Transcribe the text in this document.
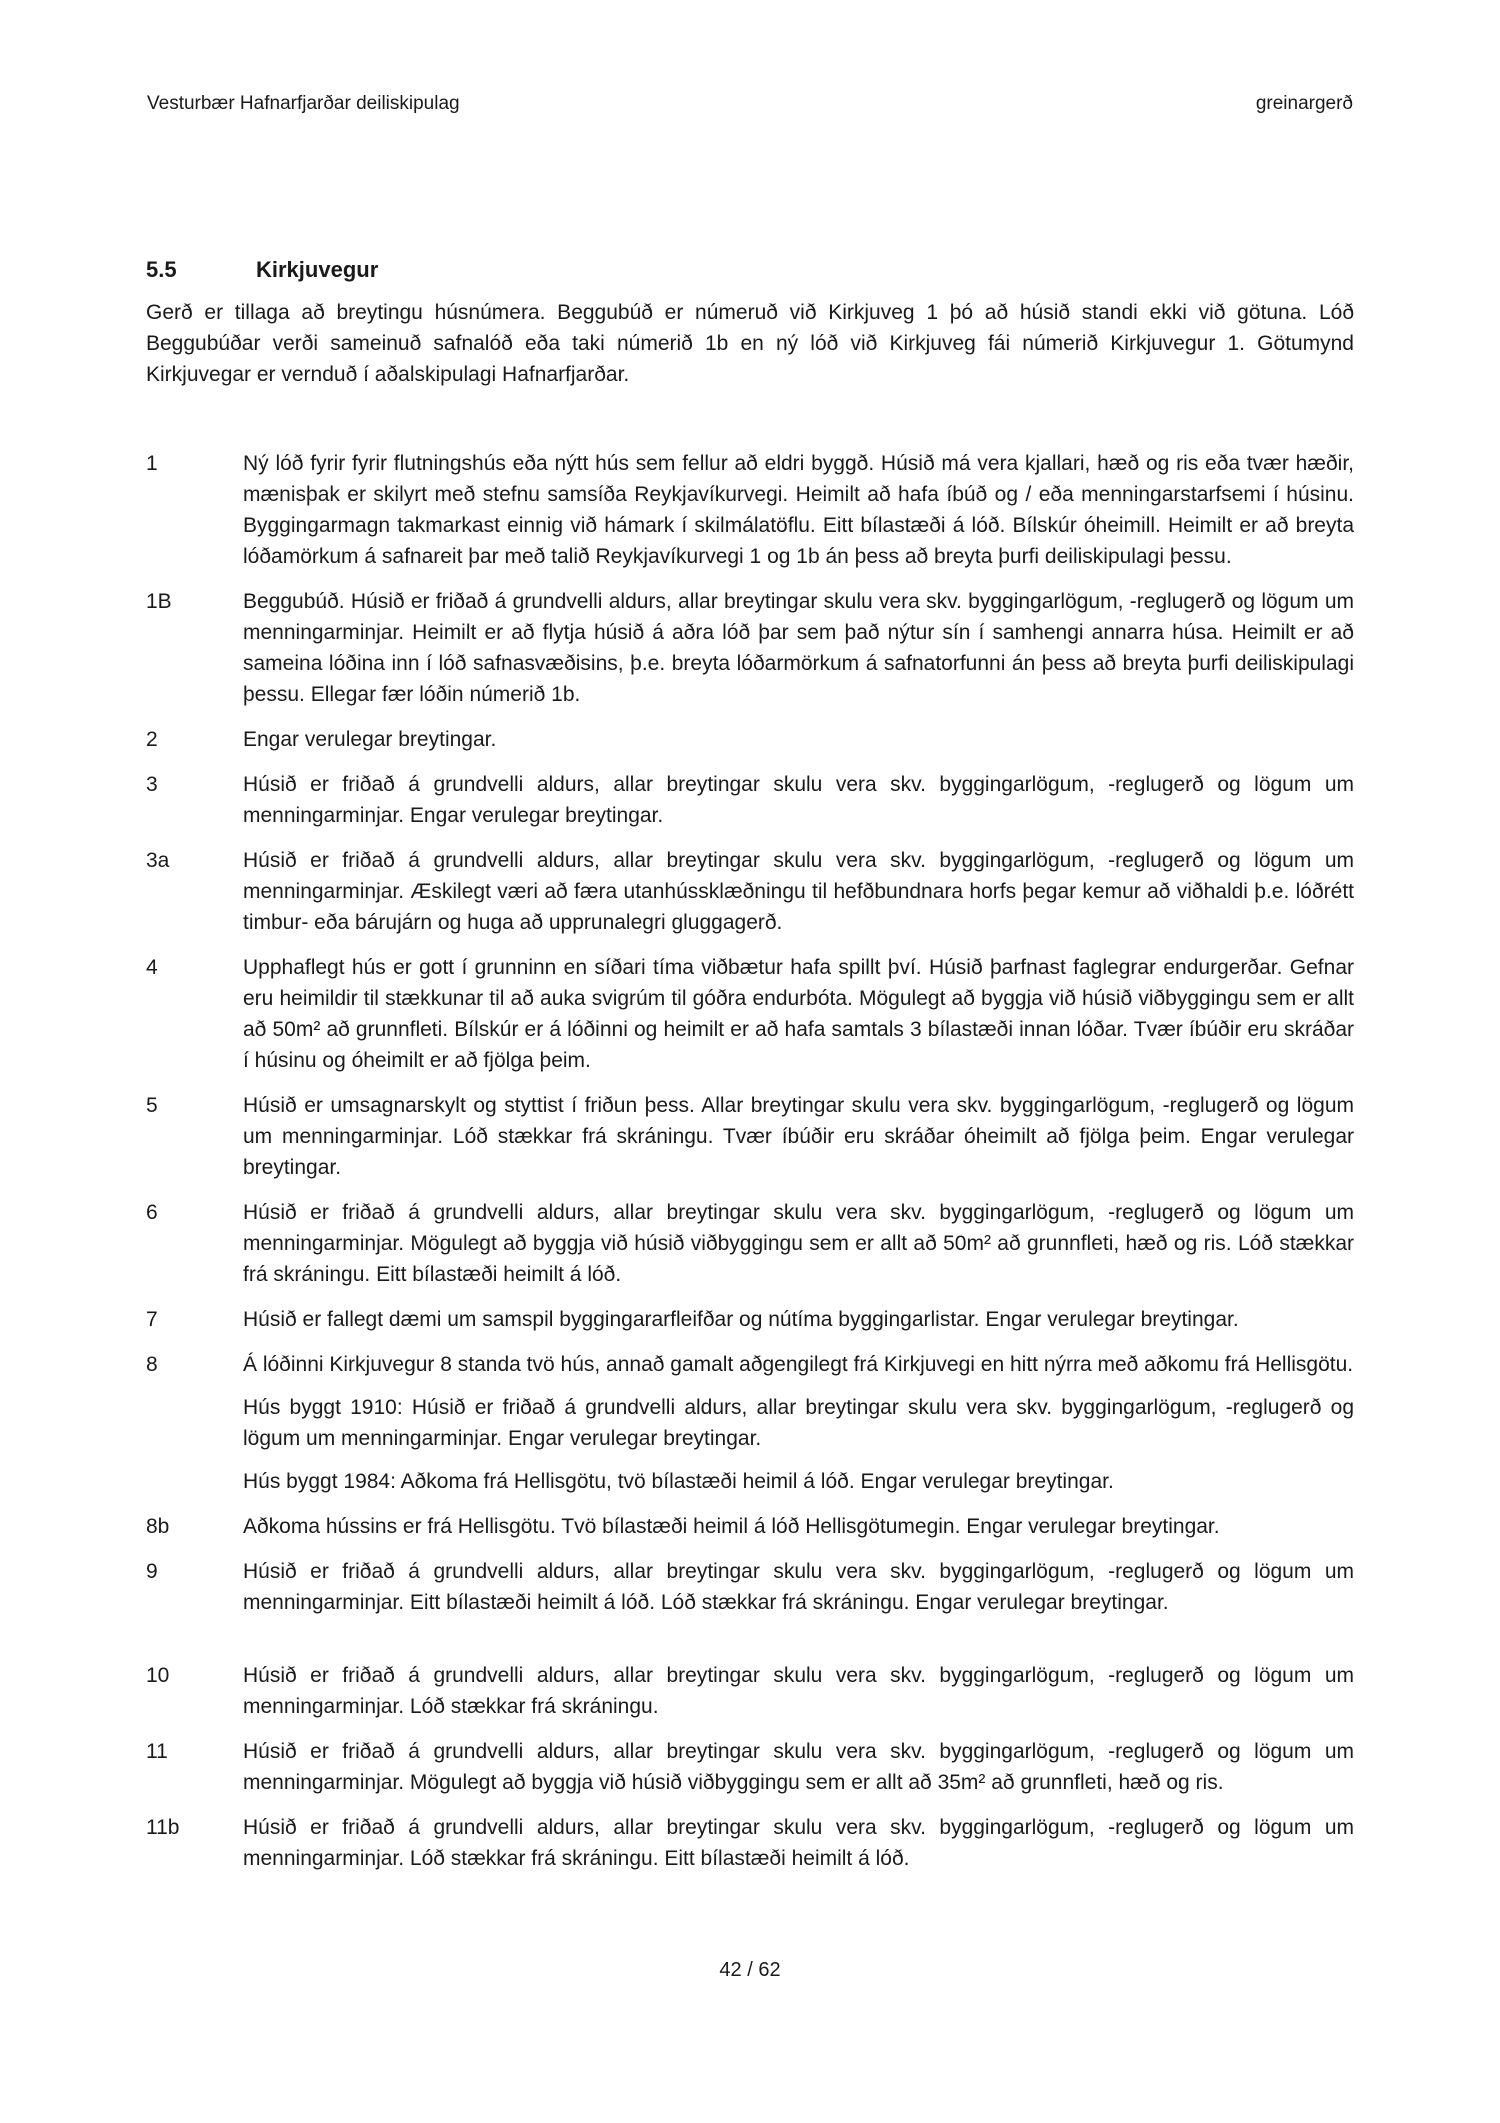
Vesturbær Hafnarfjarðar deiliskipulag	greinargerð
5.5	Kirkjuvegur

Gerð er tillaga að breytingu húsnúmera. Beggubúð er númeruð við Kirkjuveg 1 þó að húsið standi ekki við götuna. Lóð Beggubúðar verði sameinuð safnalóð eða taki númerið 1b en ný lóð við Kirkjuveg fái númerið Kirkjuvegur 1. Götumynd Kirkjuvegar er vernduð í aðalskipulagi Hafnarfjarðar.

1	Ný lóð fyrir fyrir flutningshús eða nýtt hús sem fellur að eldri byggð. Húsið má vera kjallari, hæð og ris eða tvær hæðir, mænisþak er skilyrt með stefnu samsíða Reykjavíkurvegi. Heimilt að hafa íbúð og / eða menningarstarfsemi í húsinu. Byggingarmagn takmarkast einnig við hámark í skilmálatöflu. Eitt bílastæði á lóð. Bílskúr óheimill. Heimilt er að breyta lóðamörkum á safnareit þar með talið Reykjavíkurvegi 1 og 1b án þess að breyta þurfi deiliskipulagi þessu.

1B	Beggubúð. Húsið er friðað á grundvelli aldurs, allar breytingar skulu vera skv. byggingarlögum, -reglugerð og lögum um menningarminjar. Heimilt er að flytja húsið á aðra lóð þar sem það nýtur sín í samhengi annarra húsa. Heimilt er að sameina lóðina inn í lóð safnasvæðisins, þ.e. breyta lóðarmörkum á safnatorfunni án þess að breyta þurfi deiliskipulagi þessu. Ellegar fær lóðin númerið 1b.

2	Engar verulegar breytingar.

3	Húsið er friðað á grundvelli aldurs, allar breytingar skulu vera skv. byggingarlögum, -reglugerð og lögum um menningarminjar. Engar verulegar breytingar.

3a	Húsið er friðað á grundvelli aldurs, allar breytingar skulu vera skv. byggingarlögum, -reglugerð og lögum um menningarminjar. Æskilegt væri að færa utanhússklæðningu til hefðbundnara horfs þegar kemur að viðhaldi þ.e. lóðrétt timbur- eða bárujárn og huga að upprunalegri gluggagerð.

4	Upphaflegt hús er gott í grunninn en síðari tíma viðbætur hafa spillt því. Húsið þarfnast faglegrar endurgerðar. Gefnar eru heimildir til stækkunar til að auka svigrúm til góðra endurbóta. Mögulegt að byggja við húsið viðbyggingu sem er allt að 50m² að grunnfleti. Bílskúr er á lóðinni og heimilt er að hafa samtals 3 bílastæði innan lóðar. Tvær íbúðir eru skráðar í húsinu og óheimilt er að fjölga þeim.

5	Húsið er umsagnarskylt og styttist í friðun þess. Allar breytingar skulu vera skv. byggingarlögum, -reglugerð og lögum um menningarminjar. Lóð stækkar frá skráningu. Tvær íbúðir eru skráðar óheimilt að fjölga þeim. Engar verulegar breytingar.

6	Húsið er friðað á grundvelli aldurs, allar breytingar skulu vera skv. byggingarlögum, -reglugerð og lögum um menningarminjar. Mögulegt að byggja við húsið viðbyggingu sem er allt að 50m² að grunnfleti, hæð og ris. Lóð stækkar frá skráningu. Eitt bílastæði heimilt á lóð.

7	Húsið er fallegt dæmi um samspil byggingararfleifðar og nútíma byggingarlistar. Engar verulegar breytingar.

8	Á lóðinni Kirkjuvegur 8 standa tvö hús, annað gamalt aðgengilegt frá Kirkjuvegi en hitt nýrra með aðkomu frá Hellisgötu.

Hús byggt 1910: Húsið er friðað á grundvelli aldurs, allar breytingar skulu vera skv. byggingarlögum, -reglugerð og lögum um menningarminjar. Engar verulegar breytingar.

Hús byggt 1984: Aðkoma frá Hellisgötu, tvö bílastæði heimil á lóð. Engar verulegar breytingar.

8b	Aðkoma hússins er frá Hellisgötu. Tvö bílastæði heimil á lóð Hellisgötumegin. Engar verulegar breytingar.

9	Húsið er friðað á grundvelli aldurs, allar breytingar skulu vera skv. byggingarlögum, -reglugerð og lögum um menningarminjar. Eitt bílastæði heimilt á lóð. Lóð stækkar frá skráningu. Engar verulegar breytingar.

10	Húsið er friðað á grundvelli aldurs, allar breytingar skulu vera skv. byggingarlögum, -reglugerð og lögum um menningarminjar. Lóð stækkar frá skráningu.

11	Húsið er friðað á grundvelli aldurs, allar breytingar skulu vera skv. byggingarlögum, -reglugerð og lögum um menningarminjar. Mögulegt að byggja við húsið viðbyggingu sem er allt að 35m² að grunnfleti, hæð og ris.

11b	Húsið er friðað á grundvelli aldurs, allar breytingar skulu vera skv. byggingarlögum, -reglugerð og lögum um menningarminjar. Lóð stækkar frá skráningu. Eitt bílastæði heimilt á lóð.

42 / 62
